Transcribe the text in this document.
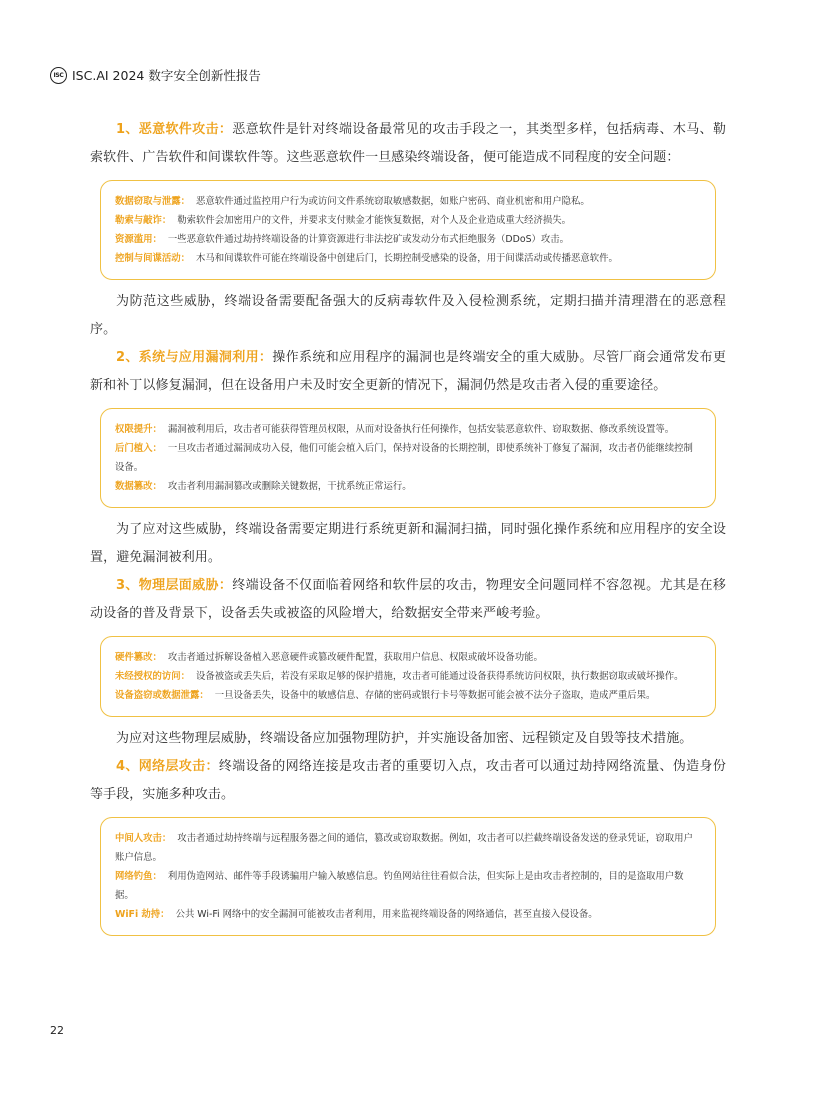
ISC ISC.AI 2024 数字安全创新性报告

1、恶意软件攻击：恶意软件是针对终端设备最常见的攻击手段之一，其类型多样，包括病毒、木马、勒索软件、广告软件和间谍软件等。这些恶意软件一旦感染终端设备，便可能造成不同程度的安全问题：

数据窃取与泄露： 恶意软件通过监控用户行为或访问文件系统窃取敏感数据，如账户密码、商业机密和用户隐私。
勒索与敲诈： 勒索软件会加密用户的文件，并要求支付赎金才能恢复数据，对个人及企业造成重大经济损失。
资源滥用： 一些恶意软件通过劫持终端设备的计算资源进行非法挖矿或发动分布式拒绝服务（DDoS）攻击。
控制与间谍活动： 木马和间谍软件可能在终端设备中创建后门，长期控制受感染的设备，用于间谍活动或传播恶意软件。

为防范这些威胁，终端设备需要配备强大的反病毒软件及入侵检测系统，定期扫描并清理潜在的恶意程序。

2、系统与应用漏洞利用：操作系统和应用程序的漏洞也是终端安全的重大威胁。尽管厂商会通常发布更新和补丁以修复漏洞，但在设备用户未及时安全更新的情况下，漏洞仍然是攻击者入侵的重要途径。

权限提升： 漏洞被利用后，攻击者可能获得管理员权限，从而对设备执行任何操作，包括安装恶意软件、窃取数据、修改系统设置等。
后门植入： 一旦攻击者通过漏洞成功入侵，他们可能会植入后门，保持对设备的长期控制，即使系统补丁修复了漏洞，攻击者仍能继续控制设备。
数据篡改： 攻击者利用漏洞篡改或删除关键数据，干扰系统正常运行。

为了应对这些威胁，终端设备需要定期进行系统更新和漏洞扫描，同时强化操作系统和应用程序的安全设置，避免漏洞被利用。

3、物理层面威胁：终端设备不仅面临着网络和软件层的攻击，物理安全问题同样不容忽视。尤其是在移动设备的普及背景下，设备丢失或被盗的风险增大，给数据安全带来严峻考验。

硬件篡改： 攻击者通过拆解设备植入恶意硬件或篡改硬件配置，获取用户信息、权限或破坏设备功能。
未经授权的访问： 设备被盗或丢失后，若没有采取足够的保护措施，攻击者可能通过设备获得系统访问权限，执行数据窃取或破坏操作。
设备盗窃或数据泄露： 一旦设备丢失，设备中的敏感信息、存储的密码或银行卡号等数据可能会被不法分子盗取，造成严重后果。

为应对这些物理层威胁，终端设备应加强物理防护，并实施设备加密、远程锁定及自毁等技术措施。

4、网络层攻击：终端设备的网络连接是攻击者的重要切入点，攻击者可以通过劫持网络流量、伪造身份等手段，实施多种攻击。

中间人攻击： 攻击者通过劫持终端与远程服务器之间的通信，篡改或窃取数据。例如，攻击者可以拦截终端设备发送的登录凭证，窃取用户账户信息。
网络钓鱼： 利用伪造网站、邮件等手段诱骗用户输入敏感信息。钓鱼网站往往看似合法，但实际上是由攻击者控制的，目的是盗取用户数据。
WiFi 劫持： 公共 Wi-Fi 网络中的安全漏洞可能被攻击者利用，用来监视终端设备的网络通信，甚至直接入侵设备。
22
